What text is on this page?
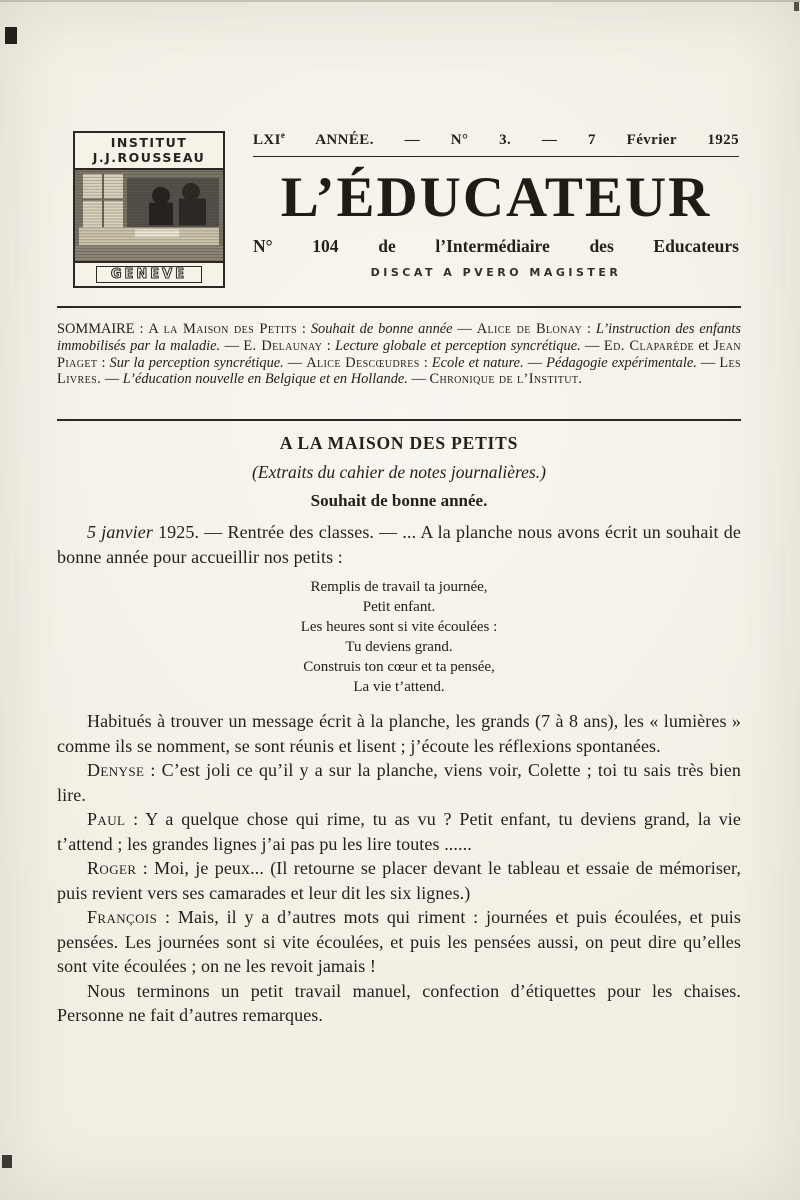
INSTITUT
J.J.ROUSSEAU
GENEVE
LXIe ANNÉE. — N° 3. — 7 Février 1925
L’ÉDUCATEUR
N° 104 de l’Intermédiaire des Educateurs
DISCAT A PVERO MAGISTER

SOMMAIRE : A la Maison des Petits : Souhait de bonne année — Alice de Blonay : L’instruction des enfants immobilisés par la maladie. — E. Delaunay : Lecture globale et perception syncrétique. — Ed. Claparède et Jean Piaget : Sur la perception syncrétique. — Alice Descœudres : Ecole et nature. — Pédagogie expérimentale. — Les Livres. — L’éducation nouvelle en Belgique et en Hollande. — Chronique de l’Institut.

A LA MAISON DES PETITS
(Extraits du cahier de notes journalières.)
Souhait de bonne année.

5 janvier 1925. — Rentrée des classes. — ... A la planche nous avons écrit un souhait de bonne année pour accueillir nos petits :

Remplis de travail ta journée,
Petit enfant.
Les heures sont si vite écoulées :
Tu deviens grand.
Construis ton cœur et ta pensée,
La vie t’attend.

Habitués à trouver un message écrit à la planche, les grands (7 à 8 ans), les « lumières » comme ils se nomment, se sont réunis et lisent ; j’écoute les réflexions spontanées.

Denyse : C’est joli ce qu’il y a sur la planche, viens voir, Colette ; toi tu sais très bien lire.

Paul : Y a quelque chose qui rime, tu as vu ? Petit enfant, tu deviens grand, la vie t’attend ; les grandes lignes j’ai pas pu les lire toutes ......

Roger : Moi, je peux... (Il retourne se placer devant le tableau et essaie de mémoriser, puis revient vers ses camarades et leur dit les six lignes.)

François : Mais, il y a d’autres mots qui riment : journées et puis écoulées, et puis pensées. Les journées sont si vite écoulées, et puis les pensées aussi, on peut dire qu’elles sont vite écoulées ; on ne les revoit jamais !

Nous terminons un petit travail manuel, confection d’étiquettes pour les chaises. Personne ne fait d’autres remarques.
